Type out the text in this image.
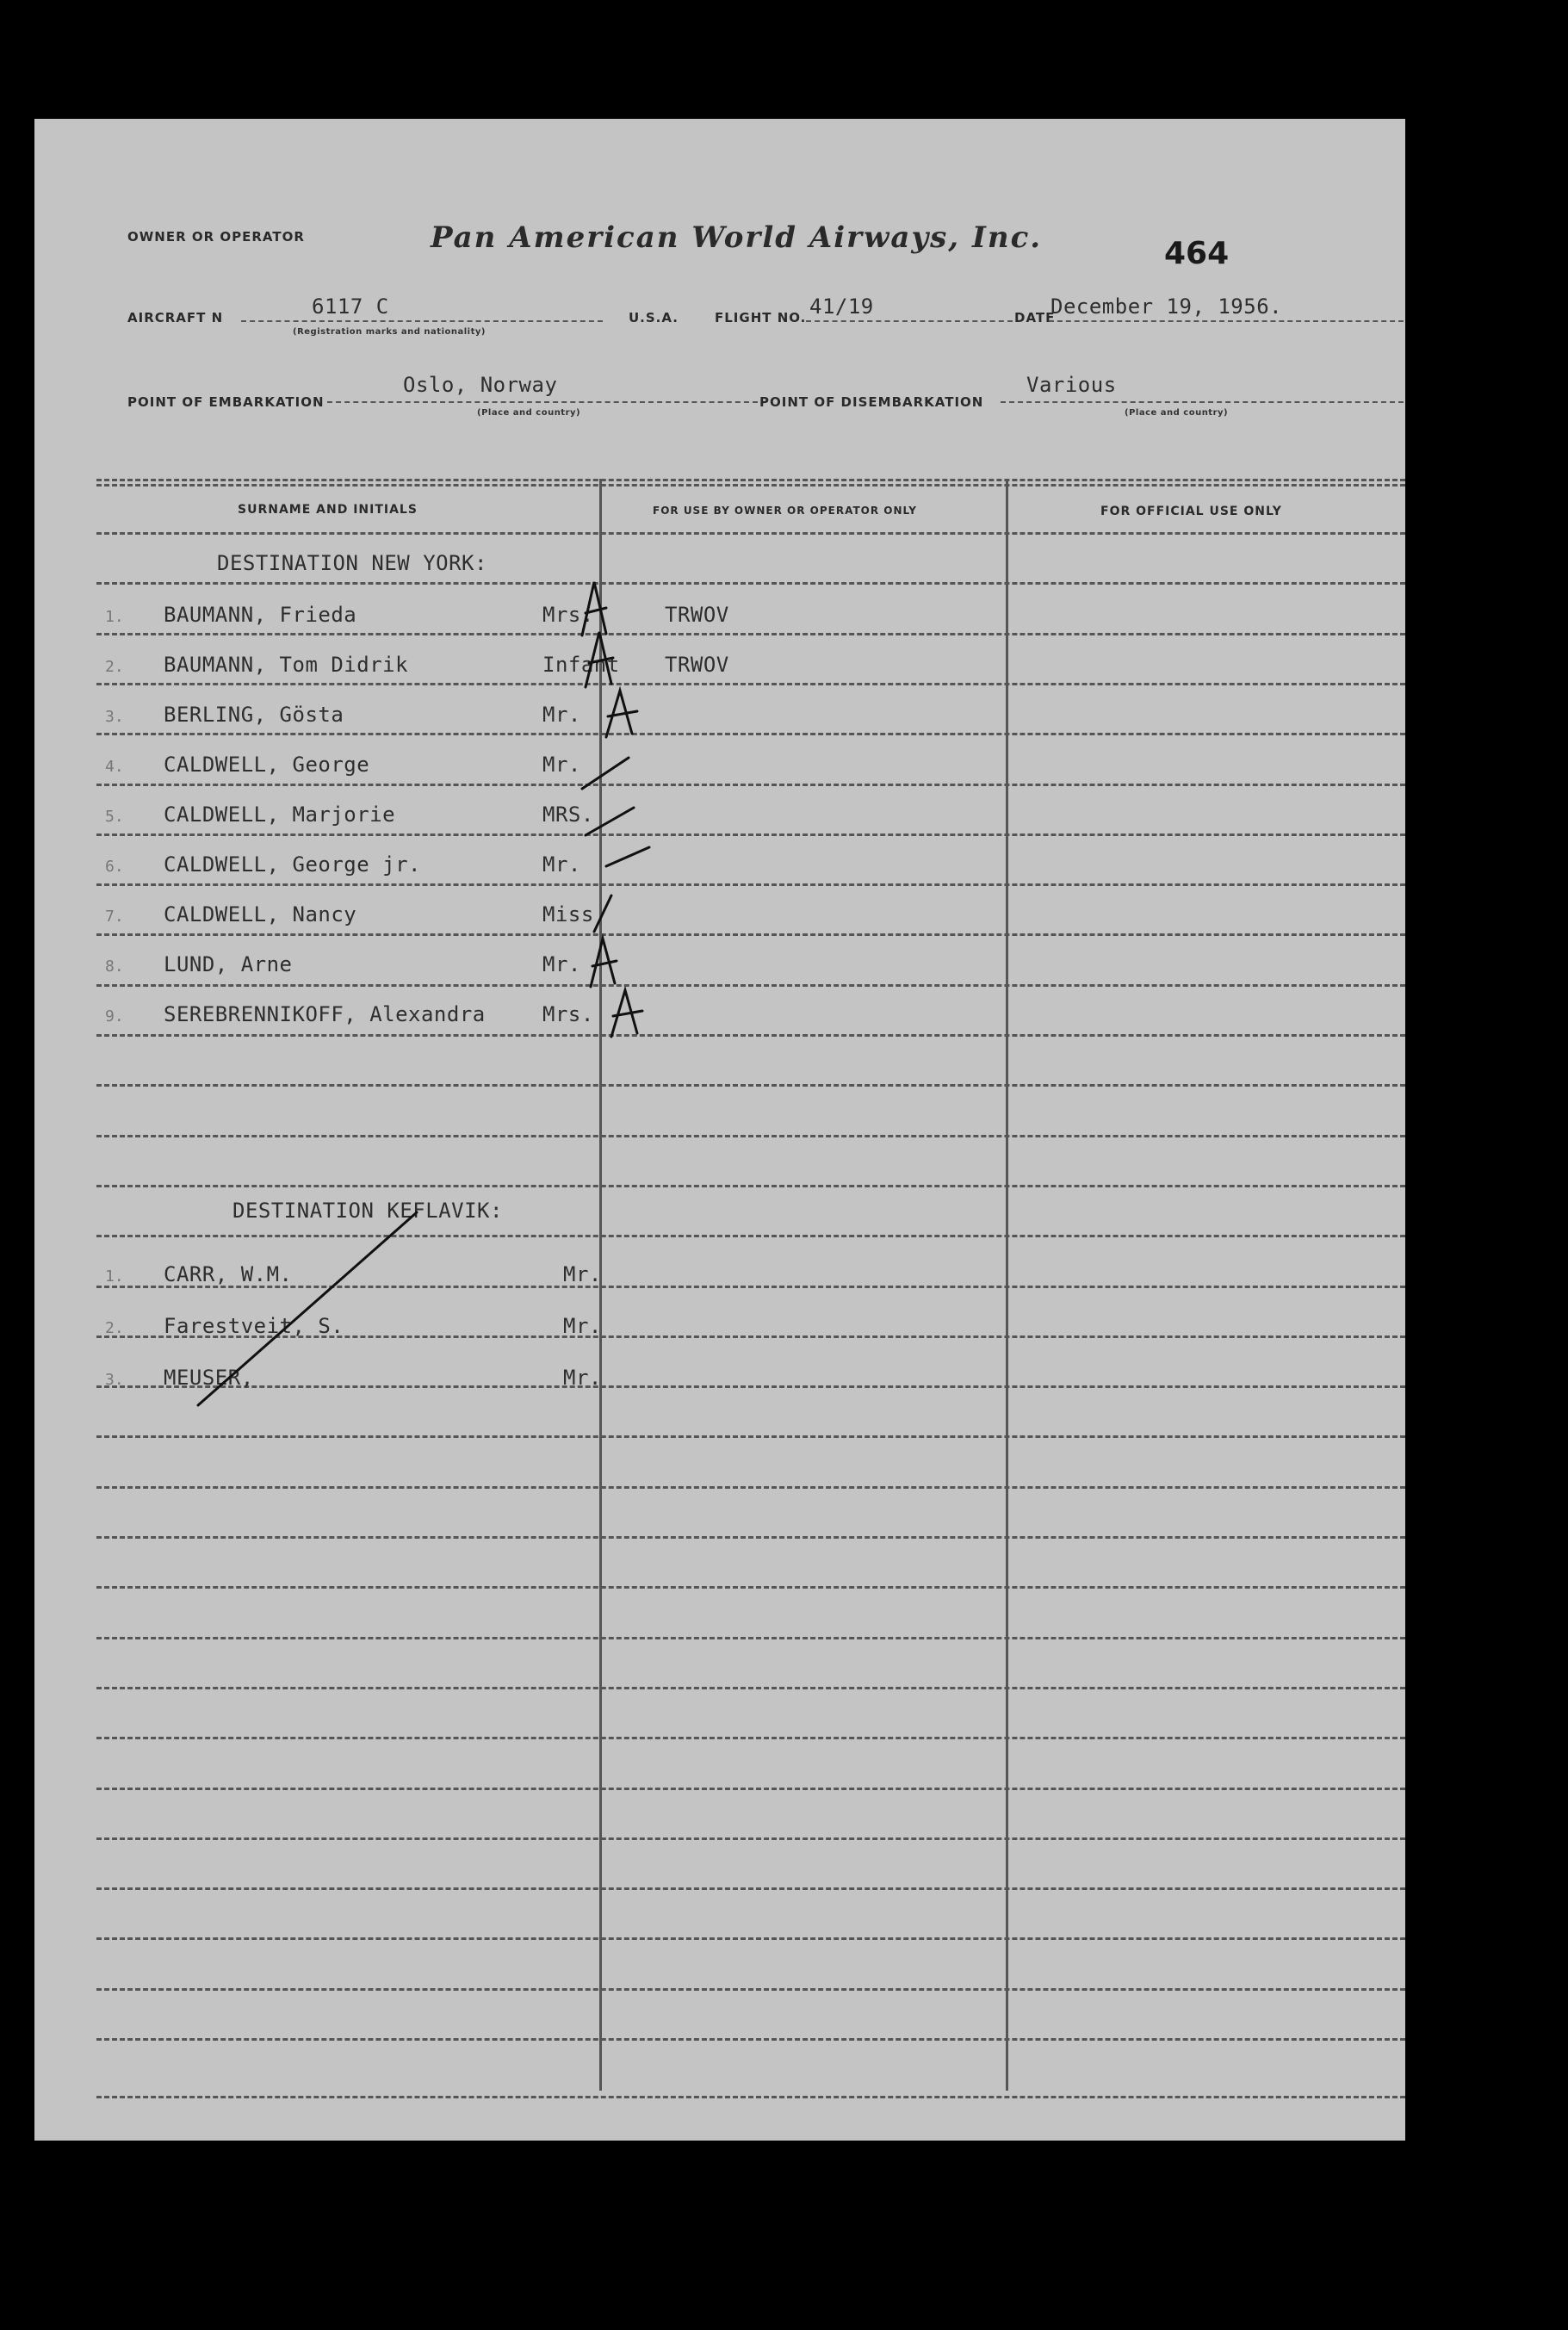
OWNER OR OPERATOR	Pan American World Airways, Inc.	464
AIRCRAFT N	6117 C
(Registration marks and nationality)
U.S.A.	FLIGHT NO. 41/19	DATE
December 19, 1956.
POINT OF EMBARKATION
Oslo, Norway
(Place and country)
POINT OF DISEMBARKATION
Various
(Place and country)
SURNAME AND INITIALS	FOR USE BY OWNER OR OPERATOR ONLY	FOR OFFICIAL USE ONLY
DESTINATION NEW YORK:
1. BAUMANN, Frieda	Mrs.	TRWOV
2. BAUMANN, Tom Didrik	Infant TRWOV
3. BERLING, Gösta	Mr.
4. CALDWELL, George	Mr.
5. CALDWELL, Marjorie	MRS.
6. CALDWELL, George jr.	Mr.
7. CALDWELL, Nancy	Miss
8. LUND, Arne	Mr.
9. SEREBRENNIKOFF, Alexandra	Mrs.
DESTINATION KEFLAVIK:
1. CARR, W.M.	Mr.
2. Farestveit, S.	Mr.
3. MEUSER,	Mr.
